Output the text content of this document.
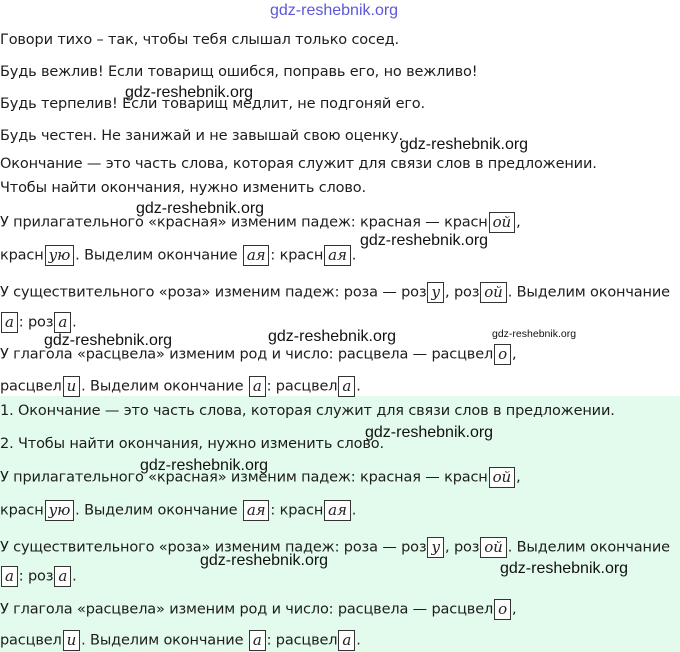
Говори тихо – так, чтобы тебя слышал только сосед.
Будь вежлив! Если товарищ ошибся, поправь его, но вежливо!
Будь терпелив! Если товарищ медлит, не подгоняй его.
Будь честен. Не занижай и не завышай свою оценку.
Окончание — это часть слова, которая служит для связи слов в предложении.
Чтобы найти окончания, нужно изменить слово.
У прилагательного «красная» изменим падеж: красная — красн ой ,
красн ую . Выделим окончание ая : красн ая .
У существительного «роза» изменим падеж: роза — роз у , роз ой . Выделим окончание
а : роз а .
У глагола «расцвела» изменим род и число: расцвела — расцвел о ,
расцвел и . Выделим окончание а : расцвел а .
1. Окончание — это часть слова, которая служит для связи слов в предложении.
2. Чтобы найти окончания, нужно изменить слово.
У прилагательного «красная» изменим падеж: красная — красн ой ,
красн ую . Выделим окончание ая : красн ая .
У существительного «роза» изменим падеж: роза — роз у , роз ой . Выделим окончание
а : роз а .
У глагола «расцвела» изменим род и число: расцвела — расцвел о ,
расцвел и . Выделим окончание а : расцвел а .
gdz-reshebnik.org
gdz-reshebnik.org
gdz-reshebnik.org
gdz-reshebnik.org
gdz-reshebnik.org
gdz-reshebnik.org	gdz-reshebnik.org	gdz-reshebnik.org
gdz-reshebnik.org
gdz-reshebnik.org
gdz-reshebnik.org	gdz-reshebnik.org
